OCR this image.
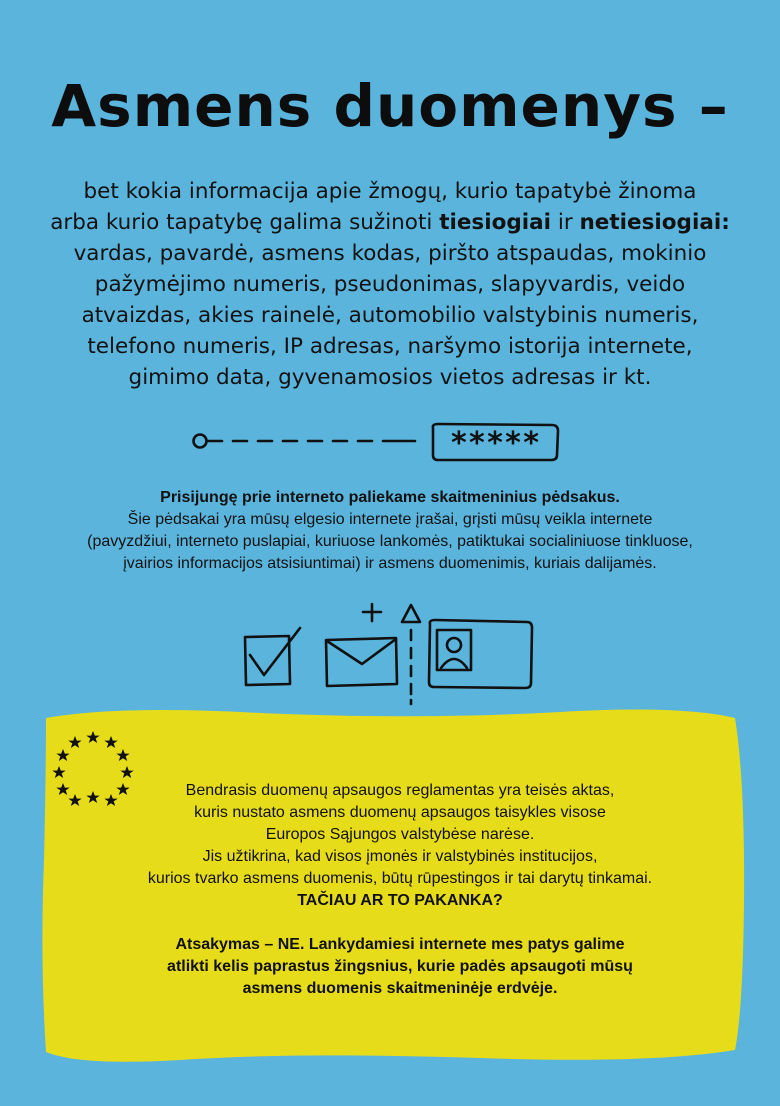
Asmens duomenys –
bet kokia informacija apie žmogų, kurio tapatybė žinoma
arba kurio tapatybę galima sužinoti tiesiogiai ir netiesiogiai:
vardas, pavardė, asmens kodas, piršto atspaudas, mokinio
pažymėjimo numeris, pseudonimas, slapyvardis, veido
atvaizdas, akies rainelė, automobilio valstybinis numeris,
telefono numeris, IP adresas, naršymo istorija internete,
gimimo data, gyvenamosios vietos adresas ir kt.
*****
Prisijungę prie interneto paliekame skaitmeninius pėdsakus.
Šie pėdsakai yra mūsų elgesio internete įrašai, grįsti mūsų veikla internete
(pavyzdžiui, interneto puslapiai, kuriuose lankomės, patiktukai socialiniuose tinkluose,
įvairios informacijos atsisiuntimai) ir asmens duomenimis, kuriais dalijamės.
Bendrasis duomenų apsaugos reglamentas yra teisės aktas,
kuris nustato asmens duomenų apsaugos taisykles visose
Europos Sąjungos valstybėse narėse.
Jis užtikrina, kad visos įmonės ir valstybinės institucijos,
kurios tvarko asmens duomenis, būtų rūpestingos ir tai darytų tinkamai.
TAČIAU AR TO PAKANKA?
Atsakymas – NE. Lankydamiesi internete mes patys galime
atlikti kelis paprastus žingsnius, kurie padės apsaugoti mūsų
asmens duomenis skaitmeninėje erdvėje.
